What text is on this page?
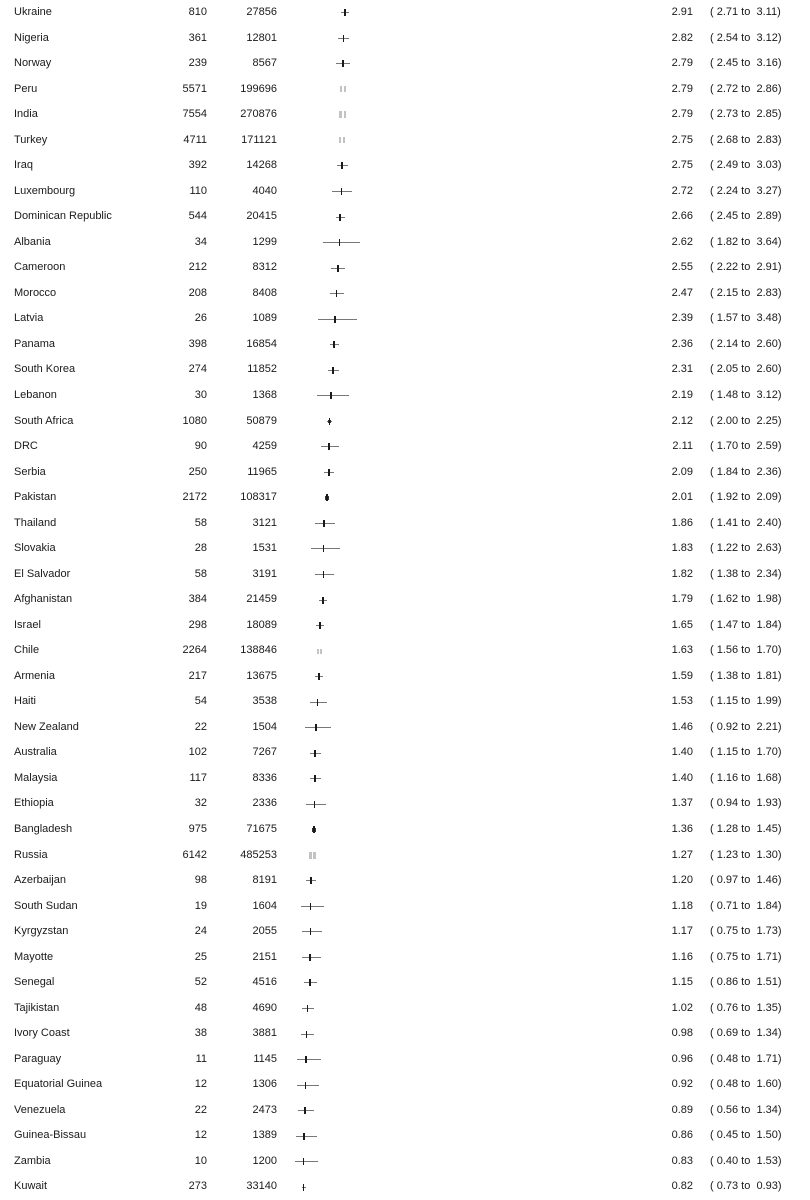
Ukraine	810	27856	2.91 ( 2.71 to  3.11)
Nigeria	361	12801	2.82 ( 2.54 to  3.12)
Norway	239	8567	2.79 ( 2.45 to  3.16)
Peru	5571	199696	2.79 ( 2.72 to  2.86)
India	7554	270876	2.79 ( 2.73 to  2.85)
Turkey	4711	171121	2.75 ( 2.68 to  2.83)
Iraq	392	14268	2.75 ( 2.49 to  3.03)
Luxembourg	110	4040	2.72 ( 2.24 to  3.27)
Dominican Republic	544	20415	2.66 ( 2.45 to  2.89)
Albania	34	1299	2.62 ( 1.82 to  3.64)
Cameroon	212	8312	2.55 ( 2.22 to  2.91)
Morocco	208	8408	2.47 ( 2.15 to  2.83)
Latvia	26	1089	2.39 ( 1.57 to  3.48)
Panama	398	16854	2.36 ( 2.14 to  2.60)
South Korea	274	11852	2.31 ( 2.05 to  2.60)
Lebanon	30	1368	2.19 ( 1.48 to  3.12)
South Africa	1080	50879	2.12 ( 2.00 to  2.25)
DRC	90	4259	2.11 ( 1.70 to  2.59)
Serbia	250	11965	2.09 ( 1.84 to  2.36)
Pakistan	2172	108317	2.01 ( 1.92 to  2.09)
Thailand	58	3121	1.86 ( 1.41 to  2.40)
Slovakia	28	1531	1.83 ( 1.22 to  2.63)
El Salvador	58	3191	1.82 ( 1.38 to  2.34)
Afghanistan	384	21459	1.79 ( 1.62 to  1.98)
Israel	298	18089	1.65 ( 1.47 to  1.84)
Chile	2264	138846	1.63 ( 1.56 to  1.70)
Armenia	217	13675	1.59 ( 1.38 to  1.81)
Haiti	54	3538	1.53 ( 1.15 to  1.99)
New Zealand	22	1504	1.46 ( 0.92 to  2.21)
Australia	102	7267	1.40 ( 1.15 to  1.70)
Malaysia	117	8336	1.40 ( 1.16 to  1.68)
Ethiopia	32	2336	1.37 ( 0.94 to  1.93)
Bangladesh	975	71675	1.36 ( 1.28 to  1.45)
Russia	6142	485253	1.27 ( 1.23 to  1.30)
Azerbaijan	98	8191	1.20 ( 0.97 to  1.46)
South Sudan	19	1604	1.18 ( 0.71 to  1.84)
Kyrgyzstan	24	2055	1.17 ( 0.75 to  1.73)
Mayotte	25	2151	1.16 ( 0.75 to  1.71)
Senegal	52	4516	1.15 ( 0.86 to  1.51)
Tajikistan	48	4690	1.02 ( 0.76 to  1.35)
Ivory Coast	38	3881	0.98 ( 0.69 to  1.34)
Paraguay	11	1145	0.96 ( 0.48 to  1.71)
Equatorial Guinea	12	1306	0.92 ( 0.48 to  1.60)
Venezuela	22	2473	0.89 ( 0.56 to  1.34)
Guinea-Bissau	12	1389	0.86 ( 0.45 to  1.50)
Zambia	10	1200	0.83 ( 0.40 to  1.53)
Kuwait	273	33140	0.82 ( 0.73 to  0.93)
